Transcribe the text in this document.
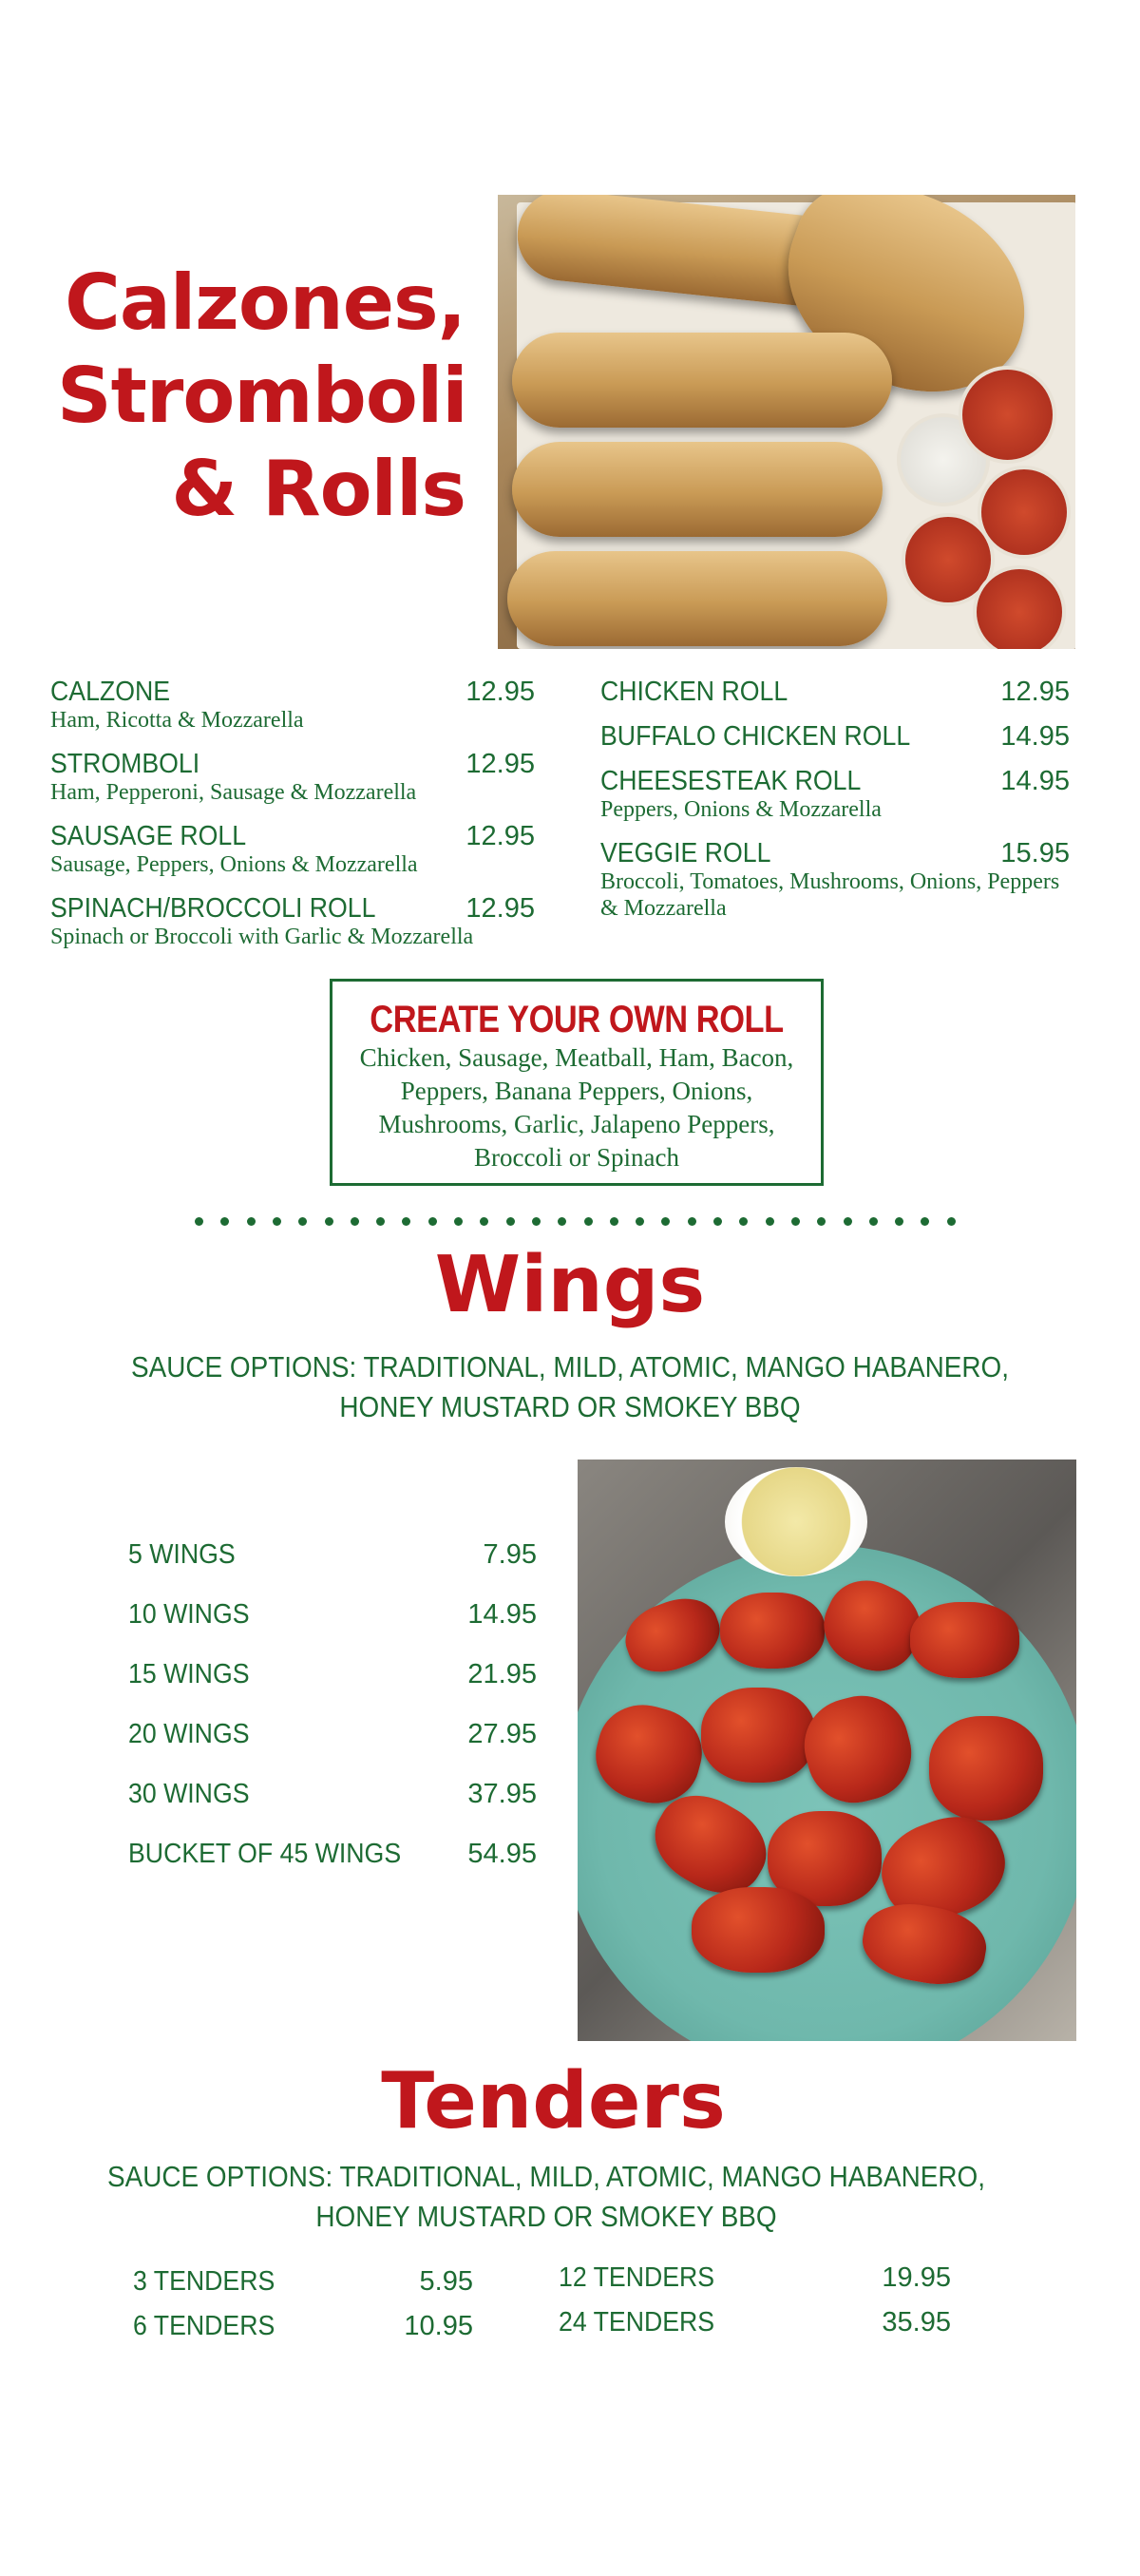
Calzones,
Stromboli
& Rolls
CALZONE	12.95
Ham, Ricotta & Mozzarella
STROMBOLI	12.95
Ham, Pepperoni, Sausage & Mozzarella
SAUSAGE ROLL	12.95
Sausage, Peppers, Onions & Mozzarella
SPINACH/BROCCOLI ROLL	12.95
Spinach or Broccoli with Garlic & Mozzarella
CHICKEN ROLL	12.95
BUFFALO CHICKEN ROLL	14.95
CHEESESTEAK ROLL	14.95
Peppers, Onions & Mozzarella
VEGGIE ROLL	15.95
Broccoli, Tomatoes, Mushrooms, Onions, Peppers & Mozzarella
CREATE YOUR OWN ROLL
Chicken, Sausage, Meatball, Ham, Bacon, Peppers, Banana Peppers, Onions, Mushrooms, Garlic, Jalapeno Peppers, Broccoli or Spinach
Wings
SAUCE OPTIONS: TRADITIONAL, MILD, ATOMIC, MANGO HABANERO,
HONEY MUSTARD OR SMOKEY BBQ
5 WINGS	7.95
10 WINGS	14.95
15 WINGS	21.95
20 WINGS	27.95
30 WINGS	37.95
BUCKET OF 45 WINGS	54.95
Tenders
SAUCE OPTIONS: TRADITIONAL, MILD, ATOMIC, MANGO HABANERO,
HONEY MUSTARD OR SMOKEY BBQ
3 TENDERS	5.95
6 TENDERS	10.95
12 TENDERS	19.95
24 TENDERS	35.95
